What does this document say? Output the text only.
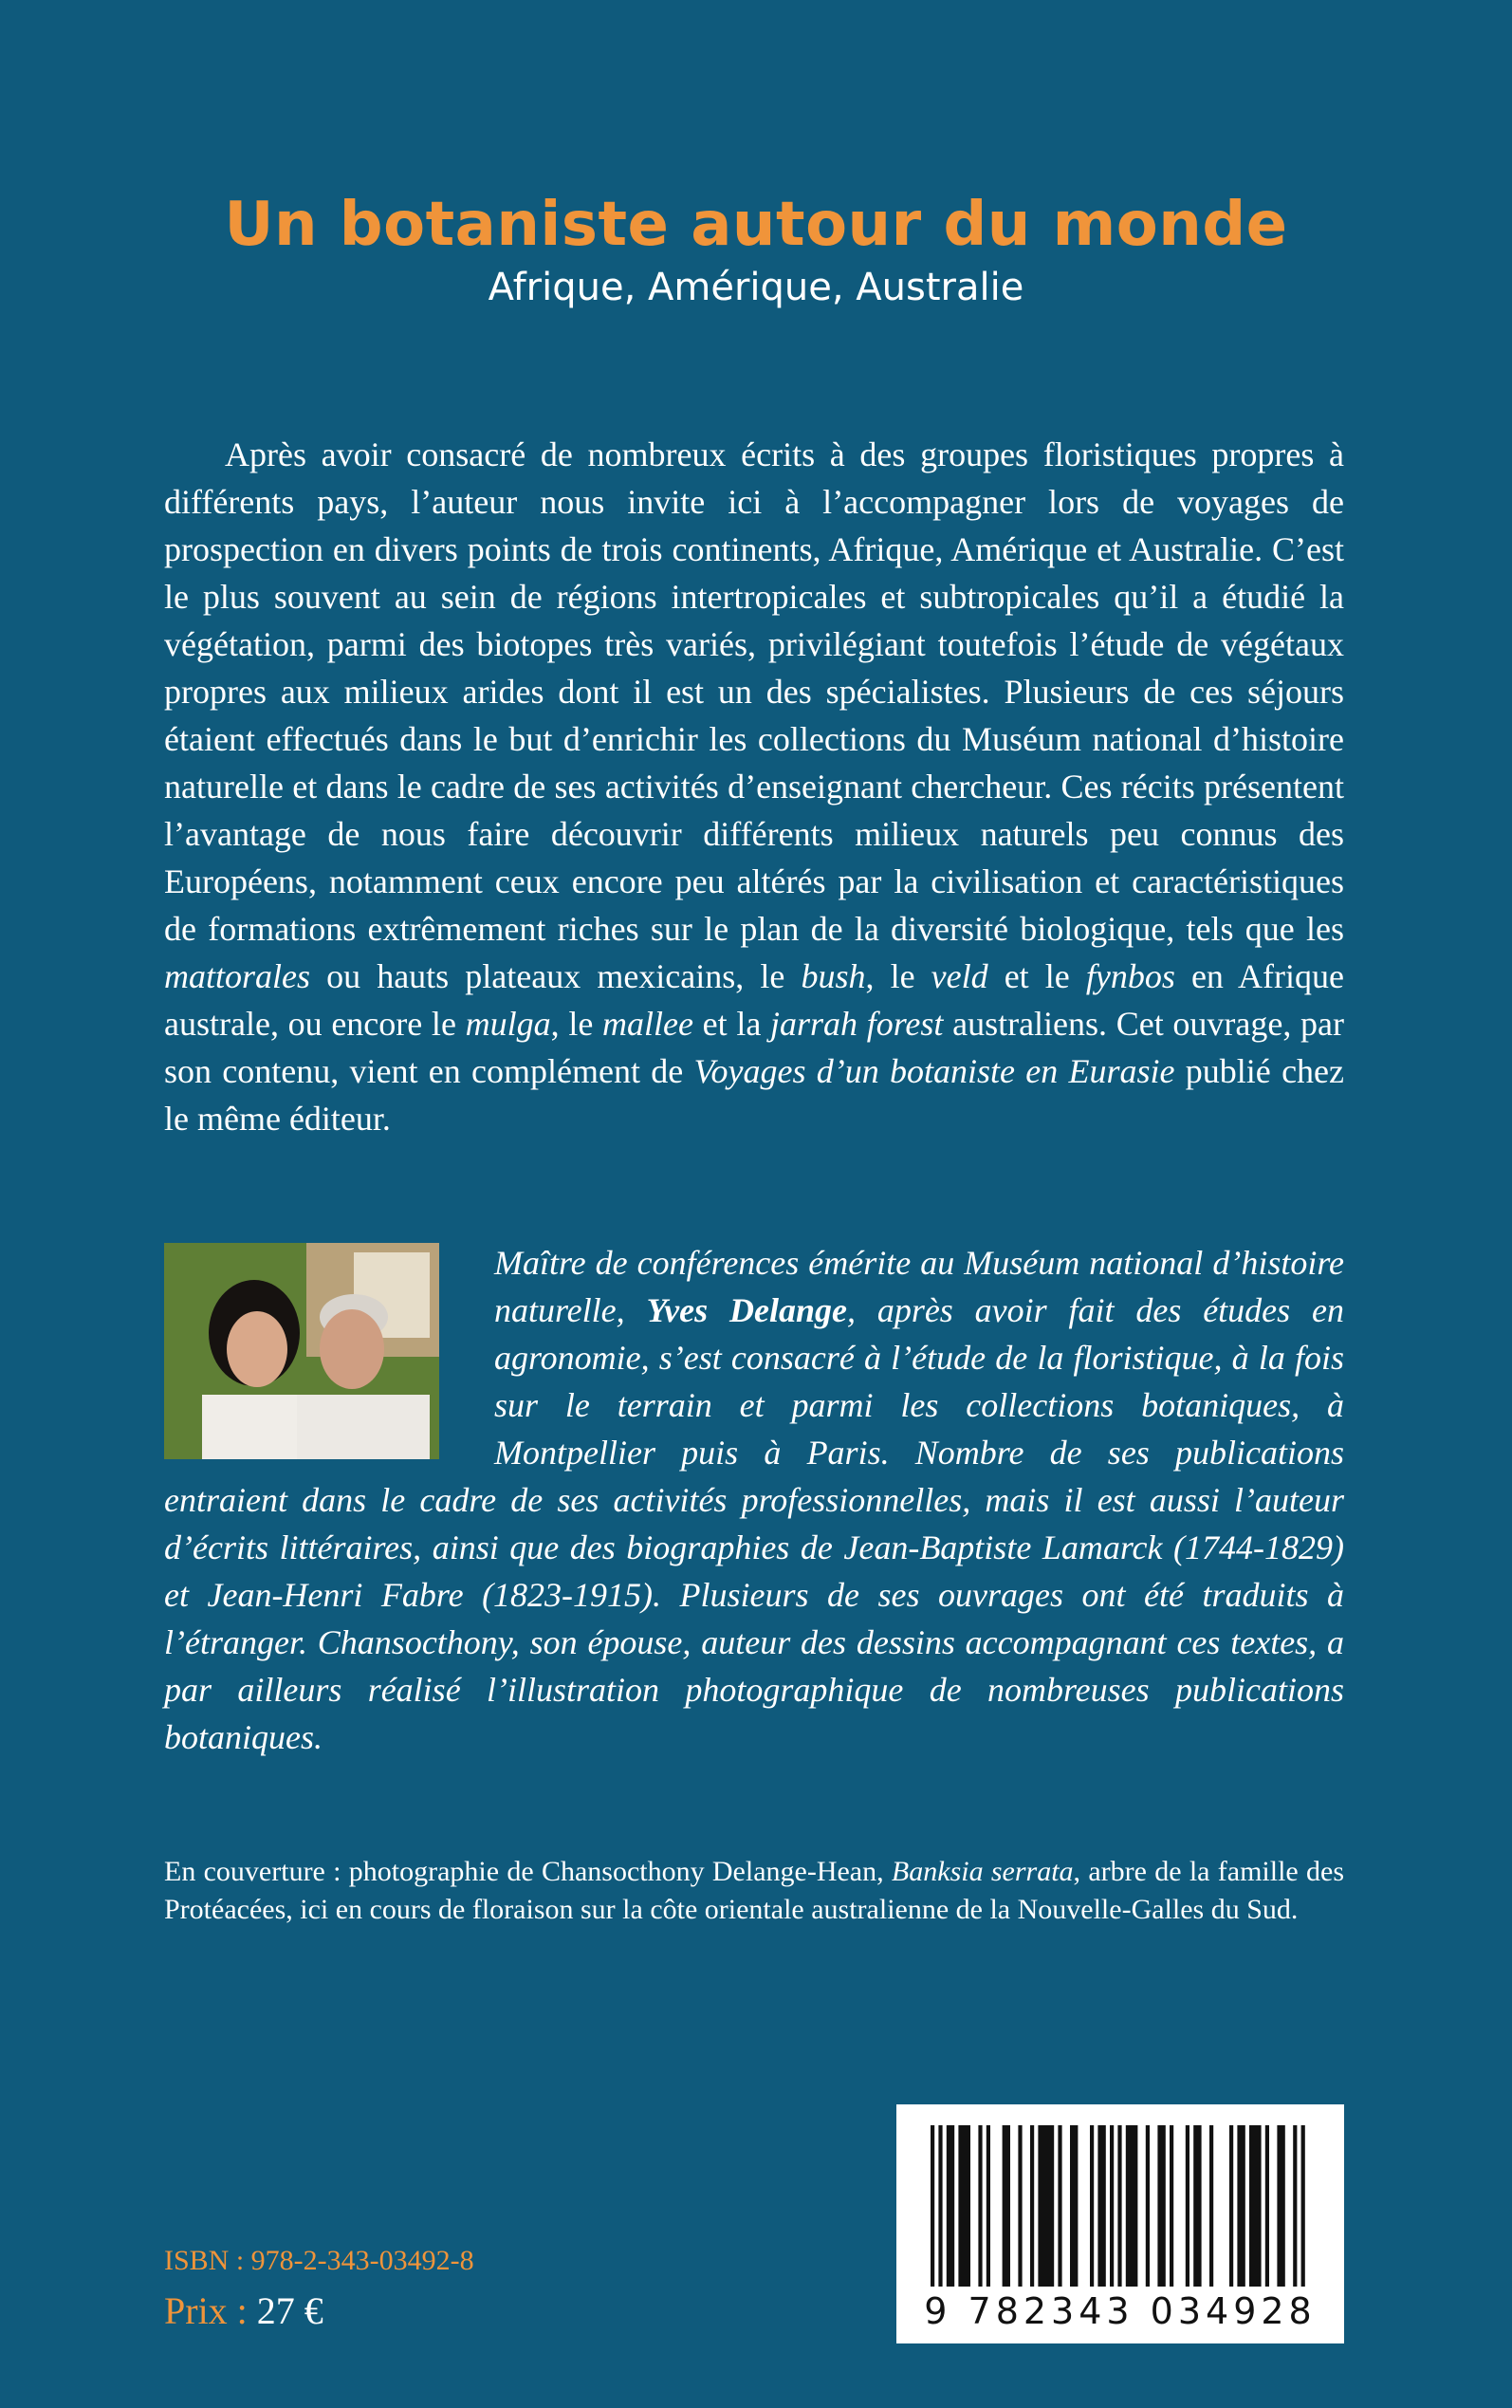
Un botaniste autour du monde
Afrique, Amérique, Australie

Après avoir consacré de nombreux écrits à des groupes floristiques propres à différents pays, l’auteur nous invite ici à l’accompagner lors de voyages de prospection en divers points de trois continents, Afrique, Amérique et Australie. C’est le plus souvent au sein de régions intertropicales et subtropicales qu’il a étudié la végétation, parmi des biotopes très variés, privilégiant toutefois l’étude de végétaux propres aux milieux arides dont il est un des spécialistes. Plusieurs de ces séjours étaient effectués dans le but d’enrichir les collections du Muséum national d’histoire naturelle et dans le cadre de ses activités d’enseignant chercheur. Ces récits présentent l’avantage de nous faire découvrir différents milieux naturels peu connus des Européens, notamment ceux encore peu altérés par la civilisation et caractéristiques de formations extrêmement riches sur le plan de la diversité biologique, tels que les mattorales ou hauts plateaux mexicains, le bush, le veld et le fynbos en Afrique australe, ou encore le mulga, le mallee et la jarrah forest australiens. Cet ouvrage, par son contenu, vient en complément de Voyages d’un botaniste en Eurasie publié chez le même éditeur.

Maître de conférences émérite au Muséum national d’histoire naturelle, Yves Delange, après avoir fait des études en agronomie, s’est consacré à l’étude de la floristique, à la fois sur le terrain et parmi les collections botaniques, à Montpellier puis à Paris. Nombre de ses publications entraient dans le cadre de ses activités professionnelles, mais il est aussi l’auteur d’écrits littéraires, ainsi que des biographies de Jean-Baptiste Lamarck (1744-1829) et Jean-Henri Fabre (1823-1915). Plusieurs de ses ouvrages ont été traduits à l’étranger. Chansocthony, son épouse, auteur des dessins accompagnant ces textes, a par ailleurs réalisé l’illustration photographique de nombreuses publications botaniques.

En couverture : photographie de Chansocthony Delange-Hean, Banksia serrata, arbre de la famille des Protéacées, ici en cours de floraison sur la côte orientale australienne de la Nouvelle-Galles du Sud.

9 782343 034928
ISBN : 978-2-343-03492-8
Prix : 27 €
